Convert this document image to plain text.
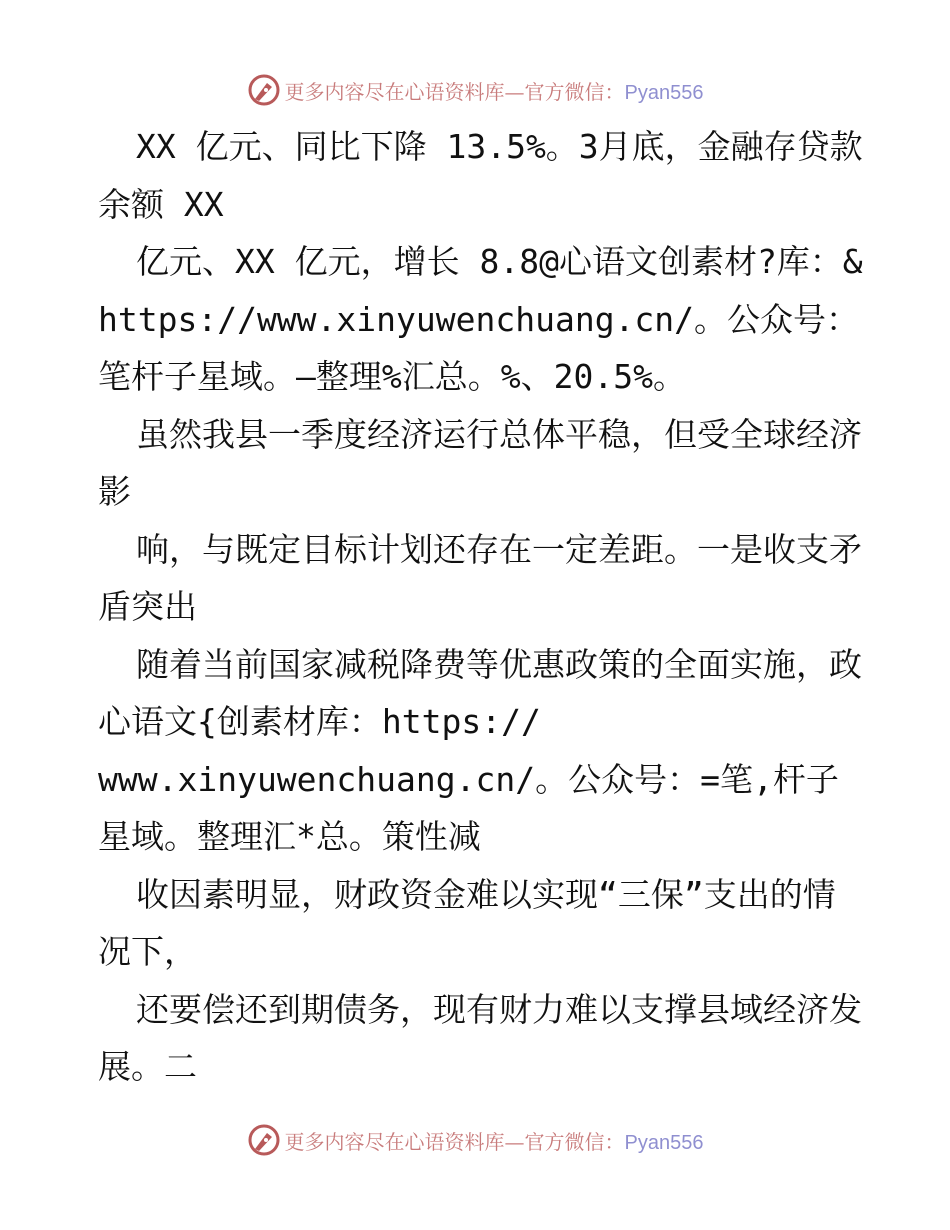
更多内容尽在心语资料库—官方微信：Pyan556

XX 亿元、同比下降 13.5%。3月底，金融存贷款余额 XX

亿元、XX 亿元，增长 8.8@心语文创素材?库：&https://www.xinyuwenchuang.cn/。公众号：笔杆子星域。—整理%汇总。%、20.5%。

虽然我县一季度经济运行总体平稳，但受全球经济影

响，与既定目标计划还存在一定差距。一是收支矛盾突出

随着当前国家减税降费等优惠政策的全面实施，政心语文{创素材库：https://

www.xinyuwenchuang.cn/。公众号：=笔,杆子星域。整理汇*总。策性减

收因素明显，财政资金难以实现“三保”支出的情况下，

还要偿还到期债务，现有财力难以支撑县域经济发展。二

更多内容尽在心语资料库—官方微信：Pyan556
